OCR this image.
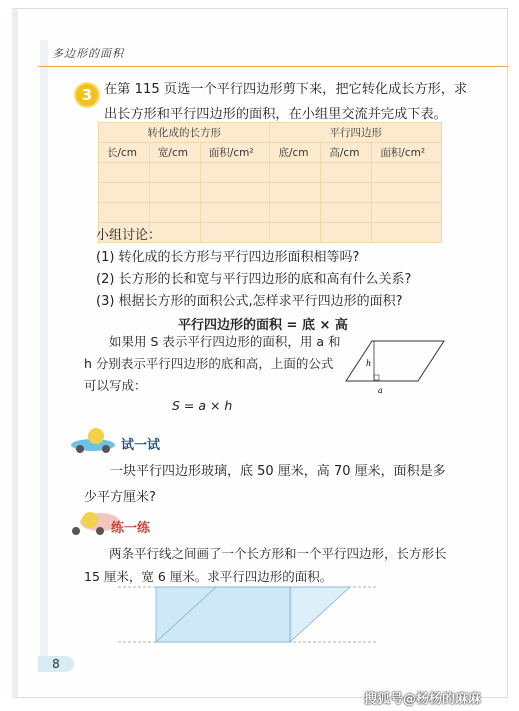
多边形的面积
3 在第 115 页选一个平行四边形剪下来，把它转化成长方形，求出长方形和平行四边形的面积，在小组里交流并完成下表。
转化成的长方形			平行四边形		
长/cm	宽/cm	面积/cm²	底/cm	高/cm	面积/cm²

小组讨论：
(1) 转化成的长方形与平行四边形面积相等吗?
(2) 长方形的长和宽与平行四边形的底和高有什么关系?
(3) 根据长方形的面积公式,怎样求平行四边形的面积?
平行四边形的面积 = 底 × 高
如果用 S 表示平行四边形的面积，用 a 和 h 分别表示平行四边形的底和高，上面的公式可以写成：
S = a × h
h
a
试一试
一块平行四边形玻璃，底 50 厘米，高 70 厘米，面积是多少平方厘米?
练一练
两条平行线之间画了一个长方形和一个平行四边形，长方形长 15 厘米，宽 6 厘米。求平行四边形的面积。
8
搜狐号@杨杨的麻麻
